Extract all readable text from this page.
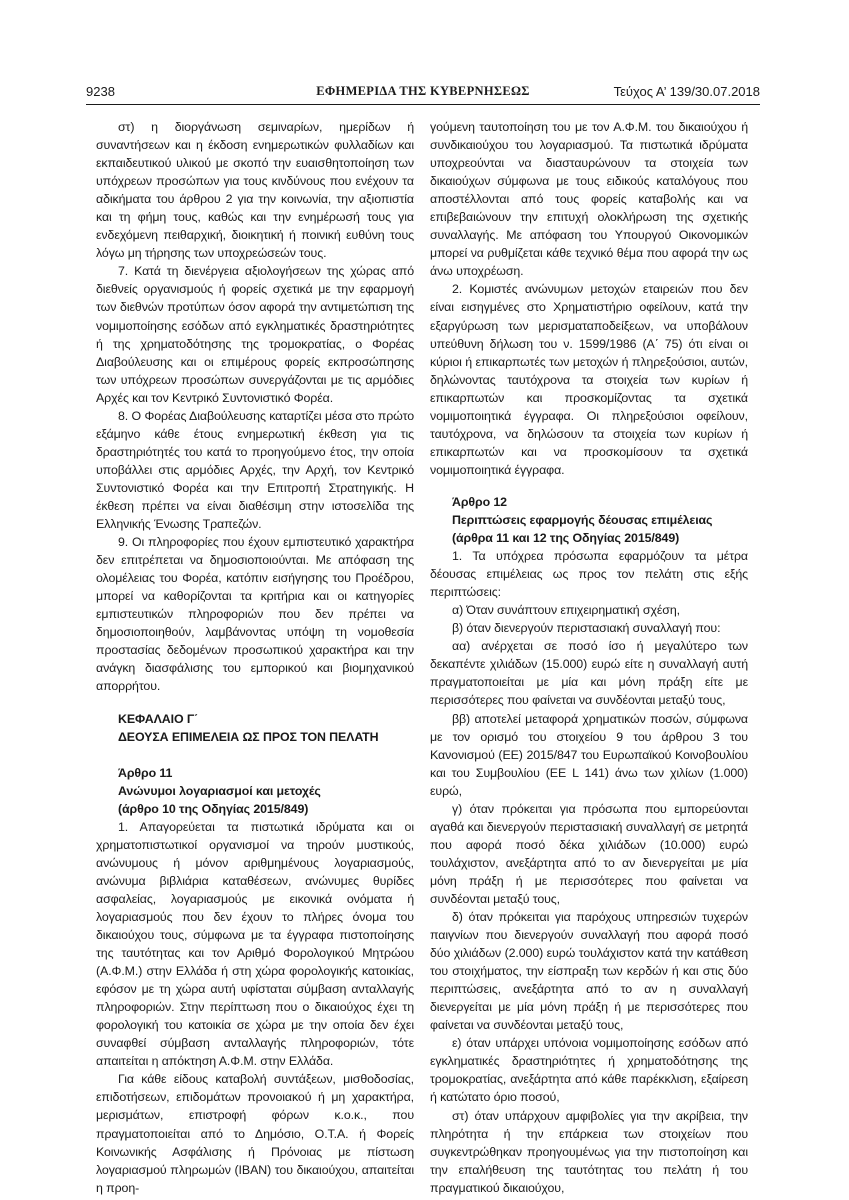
9238	ΕΦΗΜΕΡΙΔΑ ΤΗΣ ΚΥΒΕΡΝΗΣΕΩΣ	Τεύχος Α’ 139/30.07.2018

στ) η διοργάνωση σεμιναρίων, ημερίδων ή συναντήσεων και η έκδοση ενημερωτικών φυλλαδίων και εκπαιδευτικού υλικού με σκοπό την ευαισθητοποίηση των υπόχρεων προσώπων για τους κινδύνους που ενέχουν τα αδικήματα του άρθρου 2 για την κοινωνία, την αξιοπιστία και τη φήμη τους, καθώς και την ενημέρωσή τους για ενδεχόμενη πειθαρχική, διοικητική ή ποινική ευθύνη τους λόγω μη τήρησης των υποχρεώσεών τους.

7. Κατά τη διενέργεια αξιολογήσεων της χώρας από διεθνείς οργανισμούς ή φορείς σχετικά με την εφαρμογή των διεθνών προτύπων όσον αφορά την αντιμετώπιση της νομιμοποίησης εσόδων από εγκληματικές δραστηριότητες ή της χρηματοδότησης της τρομοκρατίας, ο Φορέας Διαβούλευσης και οι επιμέρους φορείς εκπροσώπησης των υπόχρεων προσώπων συνεργάζονται με τις αρμόδιες Αρχές και τον Κεντρικό Συντονιστικό Φορέα.

8. Ο Φορέας Διαβούλευσης καταρτίζει μέσα στο πρώτο εξάμηνο κάθε έτους ενημερωτική έκθεση για τις δραστηριότητές του κατά το προηγούμενο έτος, την οποία υποβάλλει στις αρμόδιες Αρχές, την Αρχή, τον Κεντρικό Συντονιστικό Φορέα και την Επιτροπή Στρατηγικής. Η έκθεση πρέπει να είναι διαθέσιμη στην ιστοσελίδα της Ελληνικής Ένωσης Τραπεζών.

9. Οι πληροφορίες που έχουν εμπιστευτικό χαρακτήρα δεν επιτρέπεται να δημοσιοποιούνται. Με απόφαση της ολομέλειας του Φορέα, κατόπιν εισήγησης του Προέδρου, μπορεί να καθορίζονται τα κριτήρια και οι κατηγορίες εμπιστευτικών πληροφοριών που δεν πρέπει να δημοσιοποιηθούν, λαμβάνοντας υπόψη τη νομοθεσία προστασίας δεδομένων προσωπικού χαρακτήρα και την ανάγκη διασφάλισης του εμπορικού και βιομηχανικού απορρήτου.

ΚΕΦΑΛΑΙΟ Γ΄
ΔΕΟΥΣΑ ΕΠΙΜΕΛΕΙΑ ΩΣ ΠΡΟΣ ΤΟΝ ΠΕΛΑΤΗ
Άρθρο 11
Ανώνυμοι λογαριασμοί και μετοχές
(άρθρο 10 της Οδηγίας 2015/849)

1. Απαγορεύεται τα πιστωτικά ιδρύματα και οι χρηματοπιστωτικοί οργανισμοί να τηρούν μυστικούς, ανώνυμους ή μόνον αριθμημένους λογαριασμούς, ανώνυμα βιβλιάρια καταθέσεων, ανώνυμες θυρίδες ασφαλείας, λογαριασμούς με εικονικά ονόματα ή λογαριασμούς που δεν έχουν το πλήρες όνομα του δικαιούχου τους, σύμφωνα με τα έγγραφα πιστοποίησης της ταυτότητας και τον Αριθμό Φορολογικού Μητρώου (Α.Φ.Μ.) στην Ελλάδα ή στη χώρα φορολογικής κατοικίας, εφόσον με τη χώρα αυτή υφίσταται σύμβαση ανταλλαγής πληροφοριών. Στην περίπτωση που ο δικαιούχος έχει τη φορολογική του κατοικία σε χώρα με την οποία δεν έχει συναφθεί σύμβαση ανταλλαγής πληροφοριών, τότε απαιτείται η απόκτηση Α.Φ.Μ. στην Ελλάδα.

Για κάθε είδους καταβολή συντάξεων, μισθοδοσίας, επιδοτήσεων, επιδομάτων προνοιακού ή μη χαρακτήρα, μερισμάτων, επιστροφή φόρων κ.ο.κ., που πραγματοποιείται από το Δημόσιο, Ο.Τ.Α. ή Φορείς Κοινωνικής Ασφάλισης ή Πρόνοιας με πίστωση λογαριασμού πληρωμών (IBAN) του δικαιούχου, απαιτείται η προη-

γούμενη ταυτοποίηση του με τον Α.Φ.Μ. του δικαιούχου ή συνδικαιούχου του λογαριασμού. Τα πιστωτικά ιδρύματα υποχρεούνται να διασταυρώνουν τα στοιχεία των δικαιούχων σύμφωνα με τους ειδικούς καταλόγους που αποστέλλονται από τους φορείς καταβολής και να επιβεβαιώνουν την επιτυχή ολοκλήρωση της σχετικής συναλλαγής. Με απόφαση του Υπουργού Οικονομικών μπορεί να ρυθμίζεται κάθε τεχνικό θέμα που αφορά την ως άνω υποχρέωση.

2. Κομιστές ανώνυμων μετοχών εταιρειών που δεν είναι εισηγμένες στο Χρηματιστήριο οφείλουν, κατά την εξαργύρωση των μερισματαποδείξεων, να υποβάλουν υπεύθυνη δήλωση του ν. 1599/1986 (Α΄ 75) ότι είναι οι κύριοι ή επικαρπωτές των μετοχών ή πληρεξούσιοι, αυτών, δηλώνοντας ταυτόχρονα τα στοιχεία των κυρίων ή επικαρπωτών και προσκομίζοντας τα σχετικά νομιμοποιητικά έγγραφα. Οι πληρεξούσιοι οφείλουν, ταυτόχρονα, να δηλώσουν τα στοιχεία των κυρίων ή επικαρπωτών και να προσκομίσουν τα σχετικά νομιμοποιητικά έγγραφα.

Άρθρο 12
Περιπτώσεις εφαρμογής δέουσας επιμέλειας
(άρθρα 11 και 12 της Οδηγίας 2015/849)

1. Τα υπόχρεα πρόσωπα εφαρμόζουν τα μέτρα δέουσας επιμέλειας ως προς τον πελάτη στις εξής περιπτώσεις:

α) Όταν συνάπτουν επιχειρηματική σχέση,

β) όταν διενεργούν περιστασιακή συναλλαγή που:

αα) ανέρχεται σε ποσό ίσο ή μεγαλύτερο των δεκαπέντε χιλιάδων (15.000) ευρώ είτε η συναλλαγή αυτή πραγματοποιείται με μία και μόνη πράξη είτε με περισσότερες που φαίνεται να συνδέονται μεταξύ τους,

ββ) αποτελεί μεταφορά χρηματικών ποσών, σύμφωνα με τον ορισμό του στοιχείου 9 του άρθρου 3 του Κανονισμού (ΕΕ) 2015/847 του Ευρωπαϊκού Κοινοβουλίου και του Συμβουλίου (ΕΕ L 141) άνω των χιλίων (1.000) ευρώ,

γ) όταν πρόκειται για πρόσωπα που εμπορεύονται αγαθά και διενεργούν περιστασιακή συναλλαγή σε μετρητά που αφορά ποσό δέκα χιλιάδων (10.000) ευρώ τουλάχιστον, ανεξάρτητα από το αν διενεργείται με μία μόνη πράξη ή με περισσότερες που φαίνεται να συνδέονται μεταξύ τους,

δ) όταν πρόκειται για παρόχους υπηρεσιών τυχερών παιγνίων που διενεργούν συναλλαγή που αφορά ποσό δύο χιλιάδων (2.000) ευρώ τουλάχιστον κατά την κατάθεση του στοιχήματος, την είσπραξη των κερδών ή και στις δύο περιπτώσεις, ανεξάρτητα από το αν η συναλλαγή διενεργείται με μία μόνη πράξη ή με περισσότερες που φαίνεται να συνδέονται μεταξύ τους,

ε) όταν υπάρχει υπόνοια νομιμοποίησης εσόδων από εγκληματικές δραστηριότητες ή χρηματοδότησης της τρομοκρατίας, ανεξάρτητα από κάθε παρέκκλιση, εξαίρεση ή κατώτατο όριο ποσού,

στ) όταν υπάρχουν αμφιβολίες για την ακρίβεια, την πληρότητα ή την επάρκεια των στοιχείων που συγκεντρώθηκαν προηγουμένως για την πιστοποίηση και την επαλήθευση της ταυτότητας του πελάτη ή του πραγματικού δικαιούχου,
